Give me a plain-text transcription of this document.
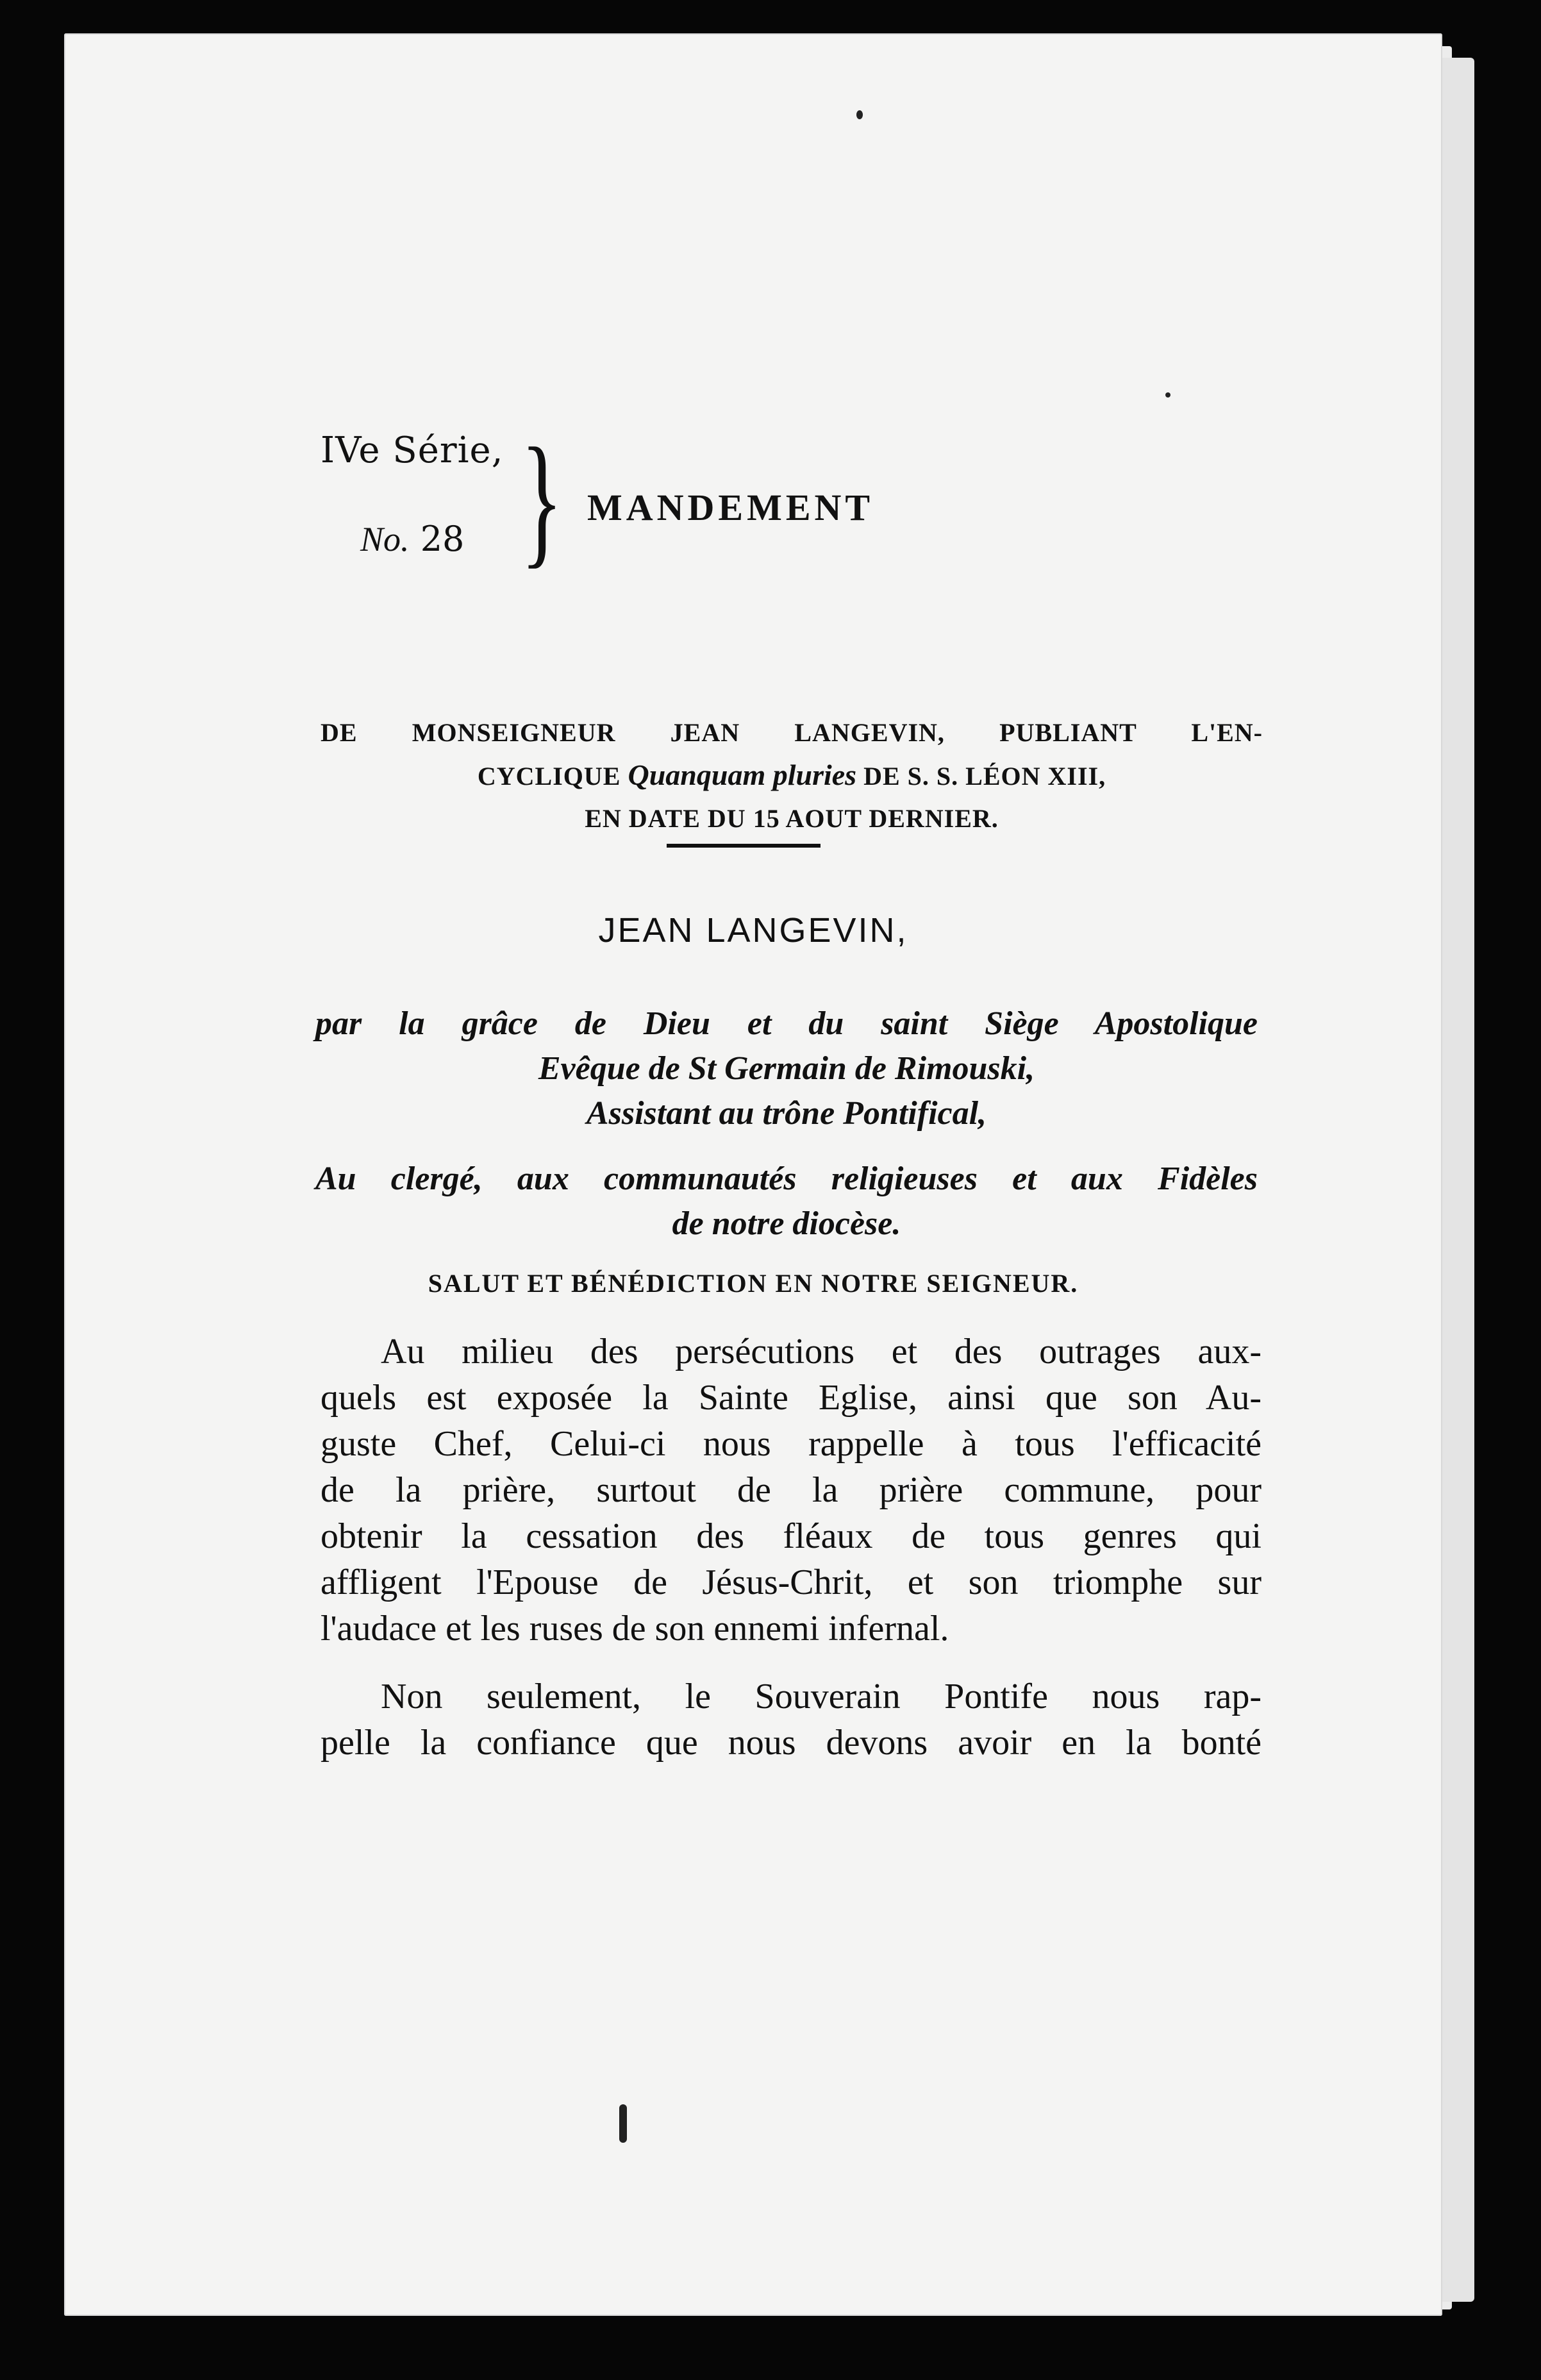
IVe Série,
No. 28 } MANDEMENT
DE MONSEIGNEUR JEAN LANGEVIN, PUBLIANT L'EN-
CYCLIQUE Quanquam pluries DE S. S. LÉON XIII,
EN DATE DU 15 AOUT DERNIER.
JEAN LANGEVIN,
par la grâce de Dieu et du saint Siège Apostolique
Evêque de St Germain de Rimouski,
Assistant au trône Pontifical,
Au clergé, aux communautés religieuses et aux Fidèles
de notre diocèse.
SALUT ET BÉNÉDICTION EN NOTRE SEIGNEUR.
Au milieu des persécutions et des outrages aux-
quels est exposée la Sainte Eglise, ainsi que son Au-
guste Chef, Celui-ci nous rappelle à tous l'efficacité
de la prière, surtout de la prière commune, pour
obtenir la cessation des fléaux de tous genres qui
affligent l'Epouse de Jésus-Chrit, et son triomphe sur
l'audace et les ruses de son ennemi infernal.
Non seulement, le Souverain Pontife nous rap-
pelle la confiance que nous devons avoir en la bonté
